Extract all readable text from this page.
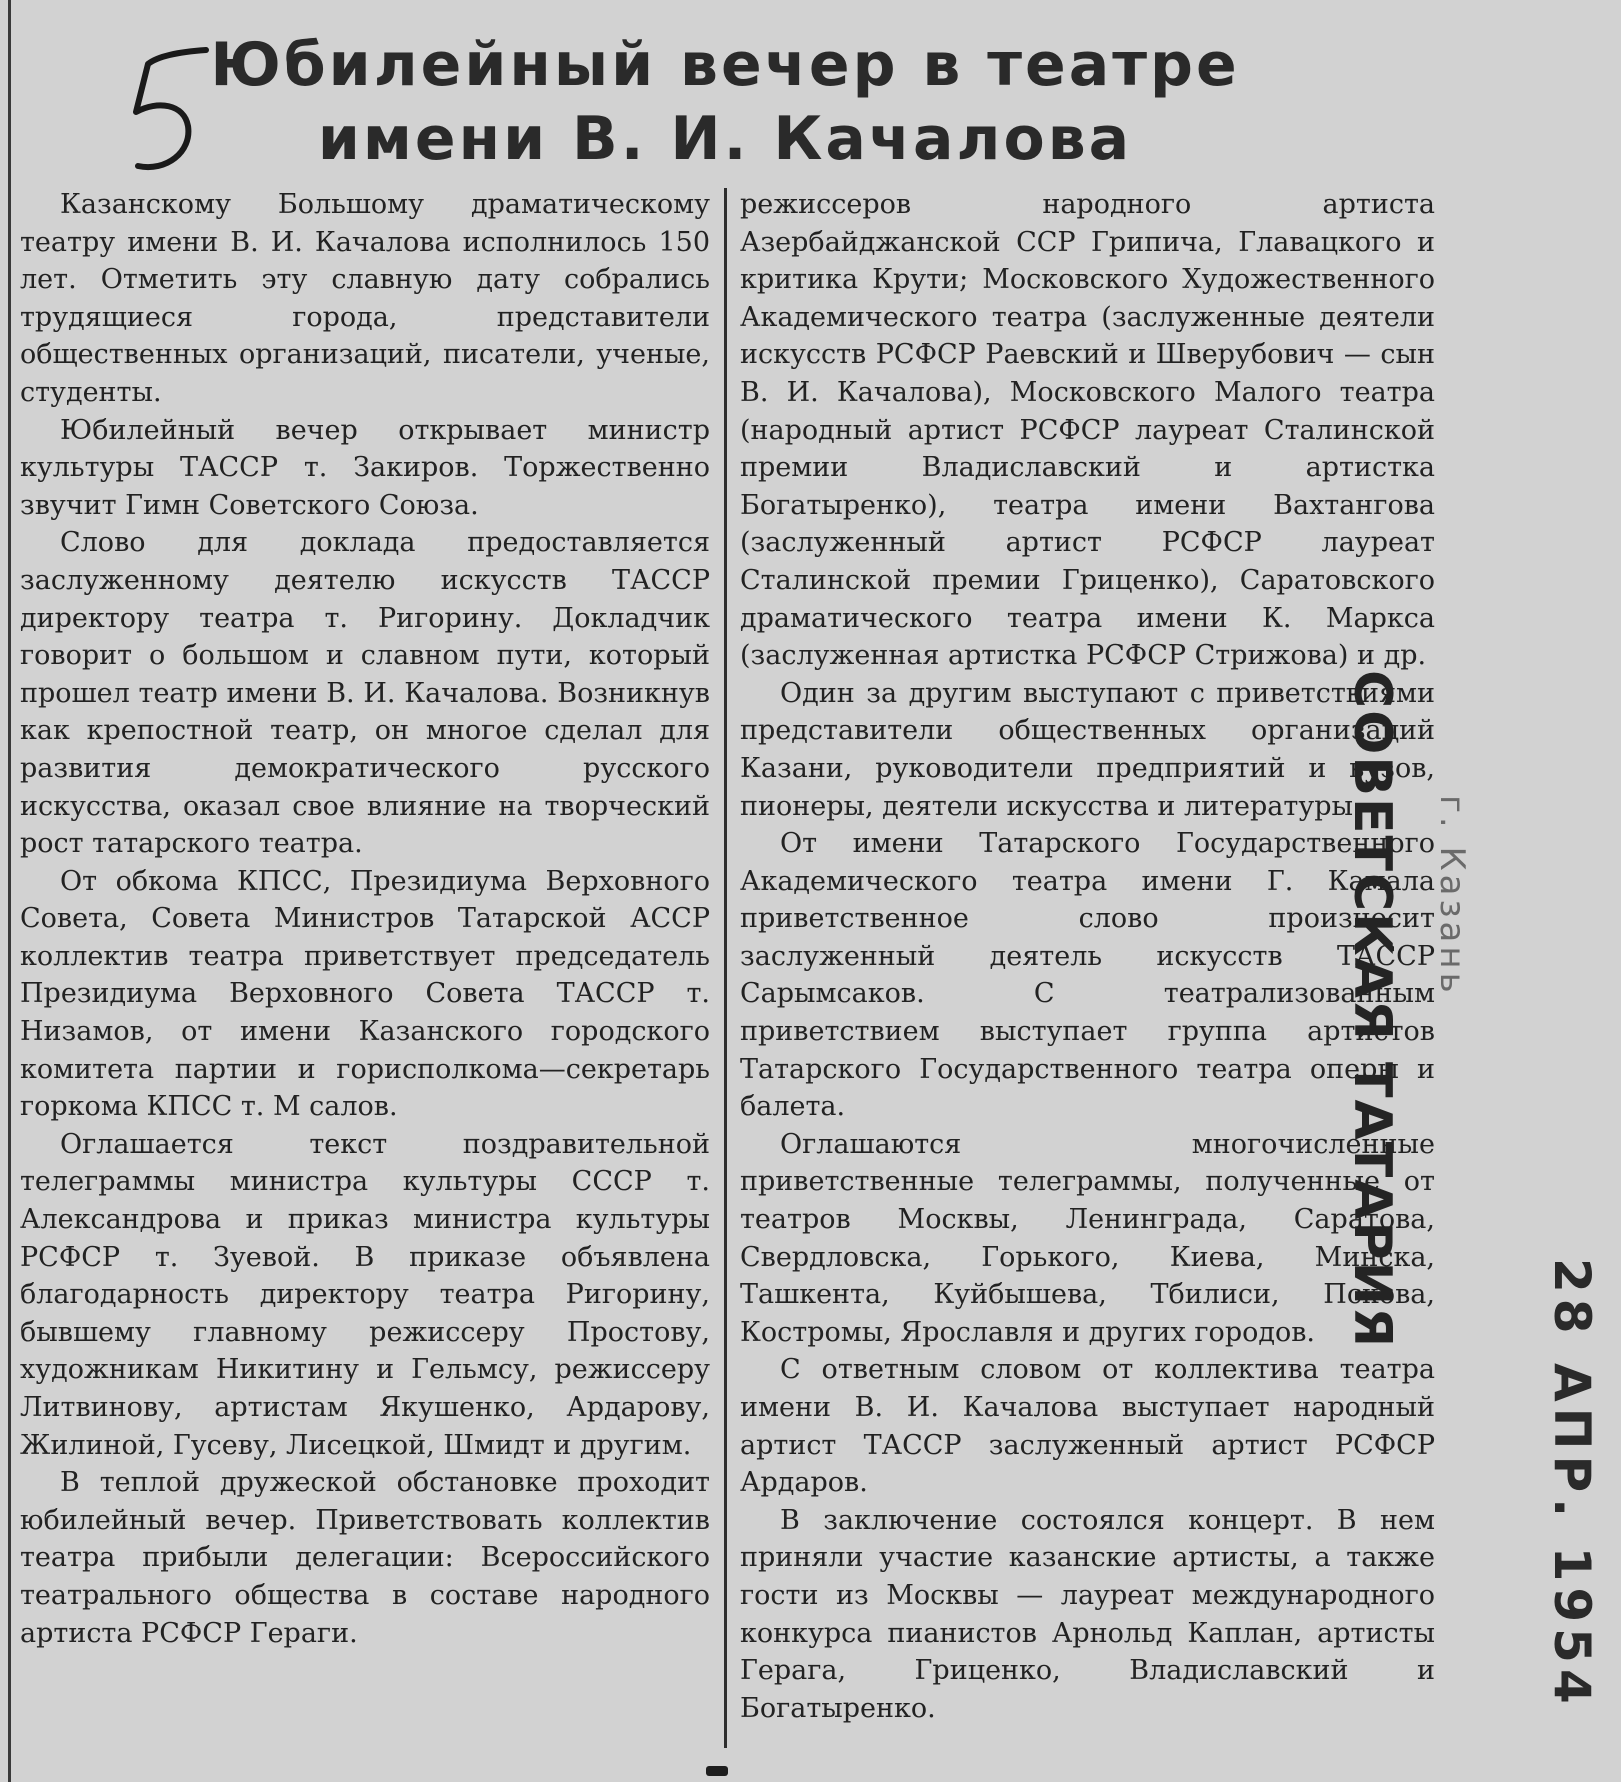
Юбилейный вечер в театре
имени В. И. Качалова

Казанскому Большому драматическому театру имени В. И. Качалова исполнилось 150 лет. Отметить эту славную дату собрались трудящиеся города, представители общественных организаций, писатели, ученые, студенты.

Юбилейный вечер открывает министр культуры ТАССР т. Закиров. Торжественно звучит Гимн Советского Союза.

Слово для доклада предоставляется заслуженному деятелю искусств ТАССР директору театра т. Ригорину. Докладчик говорит о большом и славном пути, который прошел театр имени В. И. Качалова. Возникнув как крепостной театр, он многое сделал для развития демократического русского искусства, оказал свое влияние на творческий рост татарского театра.

От обкома КПСС, Президиума Верховного Совета, Совета Министров Татарской АССР коллектив театра приветствует председатель Президиума Верховного Совета ТАССР т. Низамов, от имени Казанского городского комитета партии и горисполкома—секретарь горкома КПСС т. М салов.

Оглашается текст поздравительной телеграммы министра культуры СССР т. Александрова и приказ министра культуры РСФСР т. Зуевой. В приказе объявлена благодарность директору театра Ригорину, бывшему главному режиссеру Простову, художникам Никитину и Гельмсу, режиссеру Литвинову, артистам Якушенко, Ардарову, Жилиной, Гусеву, Лисецкой, Шмидт и другим.

В теплой дружеской обстановке проходит юбилейный вечер. Приветствовать коллектив театра прибыли делегации: Всероссийского театрального общества в составе народного артиста РСФСР Гераги.

режиссеров народного артиста Азербайджанской ССР Грипича, Главацкого и критика Крути; Московского Художественного Академического театра (заслуженные деятели искусств РСФСР Раевский и Шверубович — сын В. И. Качалова), Московского Малого театра (народный артист РСФСР лауреат Сталинской премии Владиславский и артистка Богатыренко), театра имени Вахтангова (заслуженный артист РСФСР лауреат Сталинской премии Гриценко), Саратовского драматического театра имени К. Маркса (заслуженная артистка РСФСР Стрижова) и др.

Один за другим выступают с приветствиями представители общественных организаций Казани, руководители предприятий и вузов, пионеры, деятели искусства и литературы.

От имени Татарского Государственного Академического театра имени Г. Камала приветственное слово произносит заслуженный деятель искусств ТАССР Сарымсаков. С театрализованным приветствием выступает группа артистов Татарского Государственного театра оперы и балета.

Оглашаются многочисленные приветственные телеграммы, полученные от театров Москвы, Ленинграда, Саратова, Свердловска, Горького, Киева, Минска, Ташкента, Куйбышева, Тбилиси, Пскова, Костромы, Ярославля и других городов.

С ответным словом от коллектива театра имени В. И. Качалова выступает народный артист ТАССР заслуженный артист РСФСР Ардаров.

В заключение состоялся концерт. В нем приняли участие казанские артисты, а также гости из Москвы — лауреат международного конкурса пианистов Арнольд Каплан, артисты Герага, Гриценко, Владиславский и Богатыренко.

СОВЕТСКАЯ ТАТАРИЯ г. Казань
28 АПР. 1954
